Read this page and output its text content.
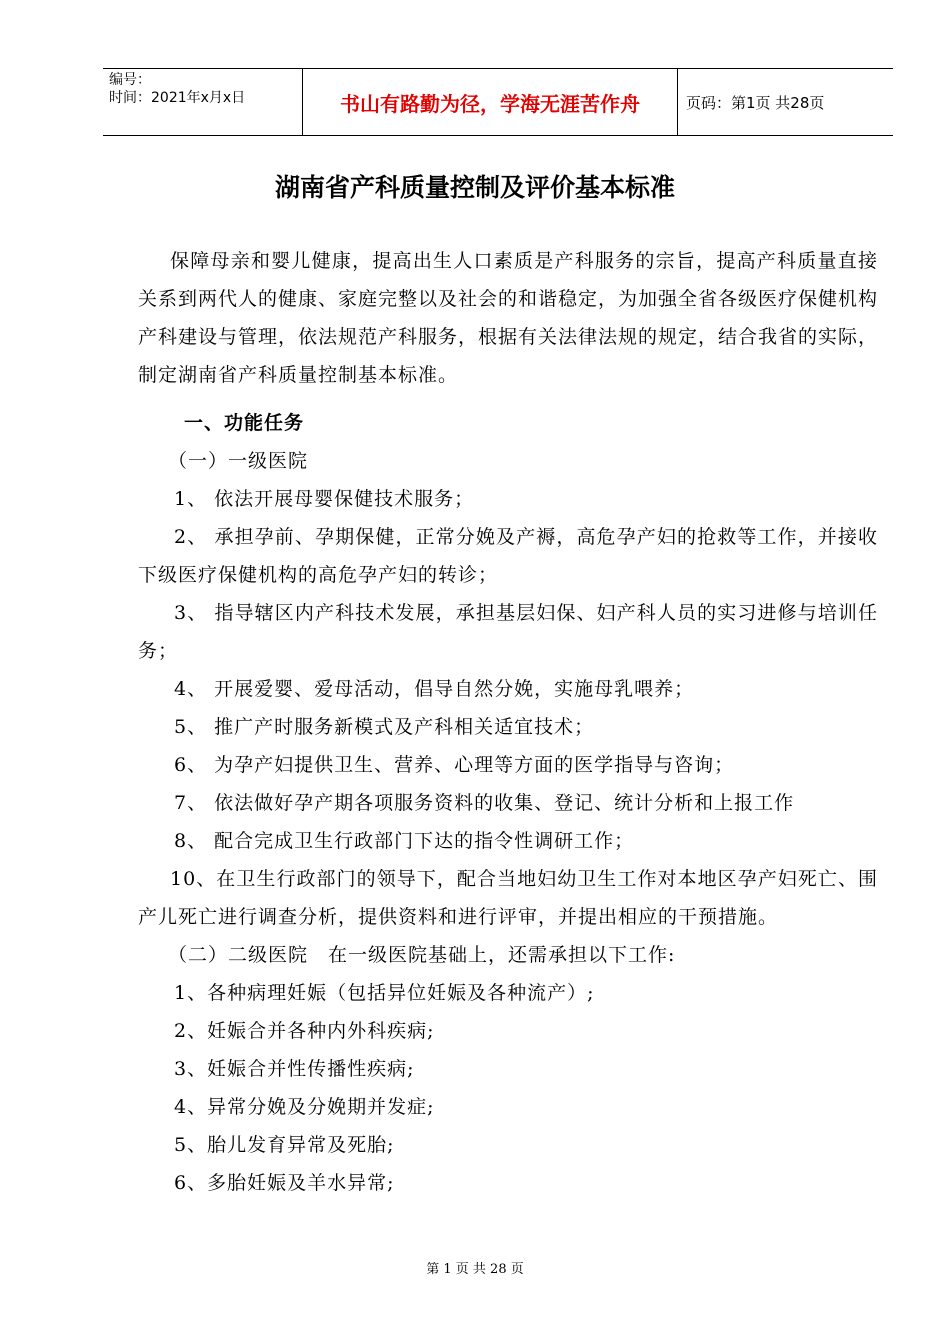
编号：
时间：2021年x月x日	书山有路勤为径，学海无涯苦作舟	页码：第1页 共28页
湖南省产科质量控制及评价基本标准

保障母亲和婴儿健康，提高出生人口素质是产科服务的宗旨，提高产科质量直接关系到两代人的健康、家庭完整以及社会的和谐稳定，为加强全省各级医疗保健机构产科建设与管理，依法规范产科服务，根据有关法律法规的规定，结合我省的实际，制定湖南省产科质量控制基本标准。

一、功能任务

（一）一级医院

1、 依法开展母婴保健技术服务；

2、 承担孕前、孕期保健，正常分娩及产褥，高危孕产妇的抢救等工作，并接收下级医疗保健机构的高危孕产妇的转诊；

3、 指导辖区内产科技术发展，承担基层妇保、妇产科人员的实习进修与培训任务；

4、 开展爱婴、爱母活动，倡导自然分娩，实施母乳喂养；

5、 推广产时服务新模式及产科相关适宜技术；

6、 为孕产妇提供卫生、营养、心理等方面的医学指导与咨询；

7、 依法做好孕产期各项服务资料的收集、登记、统计分析和上报工作

8、 配合完成卫生行政部门下达的指令性调研工作；

10、在卫生行政部门的领导下，配合当地妇幼卫生工作对本地区孕产妇死亡、围产儿死亡进行调查分析，提供资料和进行评审，并提出相应的干预措施。

（二）二级医院　在一级医院基础上，还需承担以下工作:

1、各种病理妊娠（包括异位妊娠及各种流产）;

2、妊娠合并各种内外科疾病;

3、妊娠合并性传播性疾病;

4、异常分娩及分娩期并发症;

5、胎儿发育异常及死胎;

6、多胎妊娠及羊水异常;

第 1 页 共 28 页
